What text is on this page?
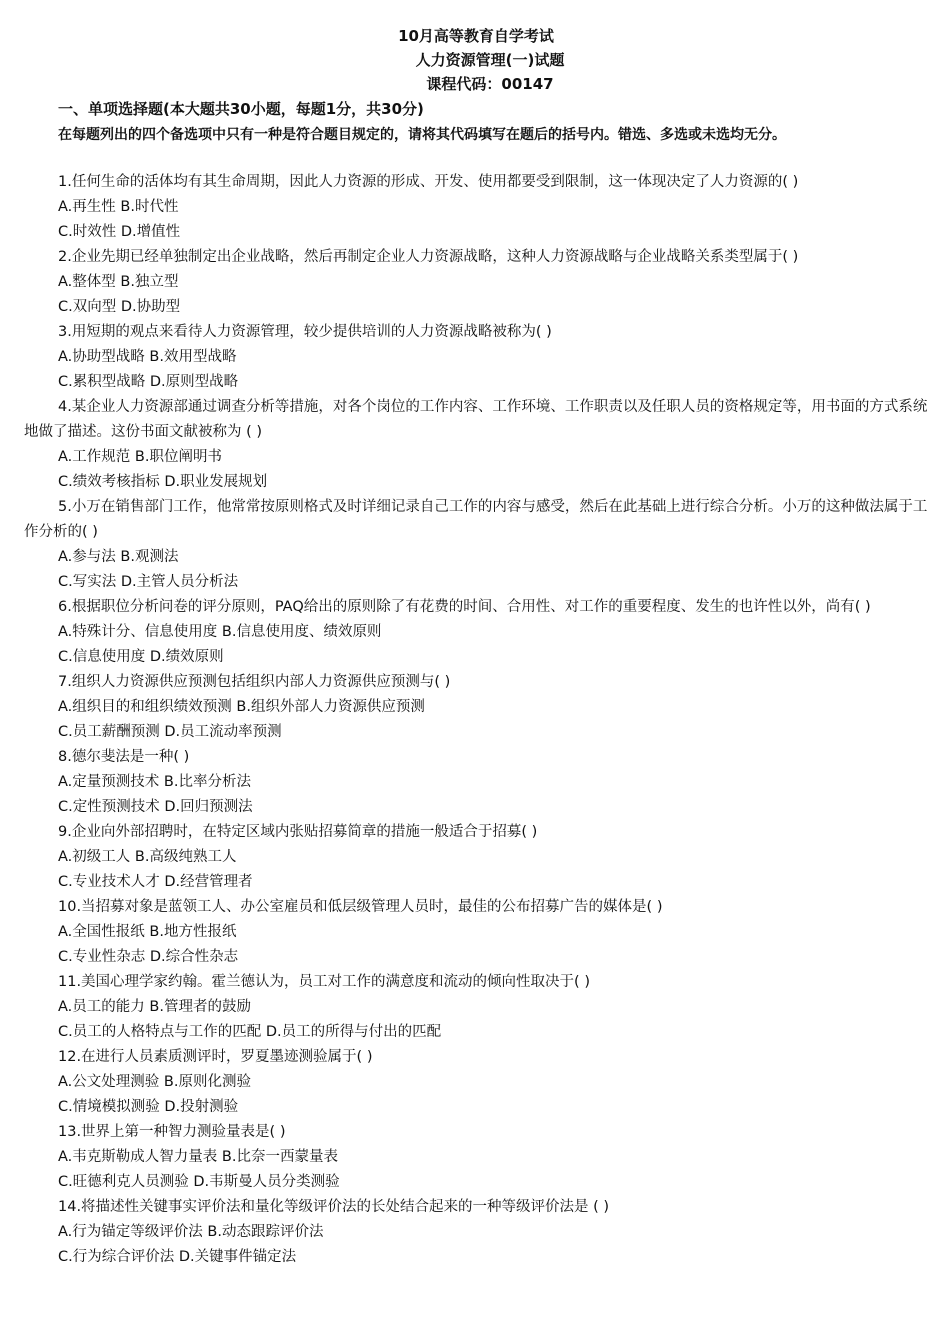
10月高等教育自学考试
人力资源管理(一)试题
课程代码：00147
一、单项选择题(本大题共30小题，每题1分，共30分)
在每题列出的四个备选项中只有一种是符合题目规定的，请将其代码填写在题后的括号内。错选、多选或未选均无分。
1.任何生命的活体均有其生命周期，因此人力资源的形成、开发、使用都要受到限制，这一体现决定了人力资源的( )
A.再生性 B.时代性
C.时效性 D.增值性
2.企业先期已经单独制定出企业战略，然后再制定企业人力资源战略，这种人力资源战略与企业战略关系类型属于( )
A.整体型 B.独立型
C.双向型 D.协助型
3.用短期的观点来看待人力资源管理，较少提供培训的人力资源战略被称为( )
A.协助型战略 B.效用型战略
C.累积型战略 D.原则型战略
4.某企业人力资源部通过调查分析等措施，对各个岗位的工作内容、工作环境、工作职责以及任职人员的资格规定等，用书面的方式系统地做了描述。这份书面文献被称为 ( )
A.工作规范 B.职位阐明书
C.绩效考核指标 D.职业发展规划
5.小万在销售部门工作，他常常按原则格式及时详细记录自己工作的内容与感受，然后在此基础上进行综合分析。小万的这种做法属于工作分析的( )
A.参与法 B.观测法
C.写实法 D.主管人员分析法
6.根据职位分析问卷的评分原则，PAQ给出的原则除了有花费的时间、合用性、对工作的重要程度、发生的也许性以外，尚有( )
A.特殊计分、信息使用度 B.信息使用度、绩效原则
C.信息使用度 D.绩效原则
7.组织人力资源供应预测包括组织内部人力资源供应预测与( )
A.组织目的和组织绩效预测 B.组织外部人力资源供应预测
C.员工薪酬预测 D.员工流动率预测
8.德尔斐法是一种( )
A.定量预测技术 B.比率分析法
C.定性预测技术 D.回归预测法
9.企业向外部招聘时，在特定区域内张贴招募简章的措施一般适合于招募( )
A.初级工人 B.高级纯熟工人
C.专业技术人才 D.经营管理者
10.当招募对象是蓝领工人、办公室雇员和低层级管理人员时，最佳的公布招募广告的媒体是( )
A.全国性报纸 B.地方性报纸
C.专业性杂志 D.综合性杂志
11.美国心理学家约翰。霍兰德认为，员工对工作的满意度和流动的倾向性取决于( )
A.员工的能力 B.管理者的鼓励
C.员工的人格特点与工作的匹配 D.员工的所得与付出的匹配
12.在进行人员素质测评时，罗夏墨迹测验属于( )
A.公文处理测验 B.原则化测验
C.情境模拟测验 D.投射测验
13.世界上第一种智力测验量表是( )
A.韦克斯勒成人智力量表 B.比奈一西蒙量表
C.旺德利克人员测验 D.韦斯曼人员分类测验
14.将描述性关键事实评价法和量化等级评价法的长处结合起来的一种等级评价法是 ( )
A.行为锚定等级评价法 B.动态跟踪评价法
C.行为综合评价法 D.关键事件锚定法
